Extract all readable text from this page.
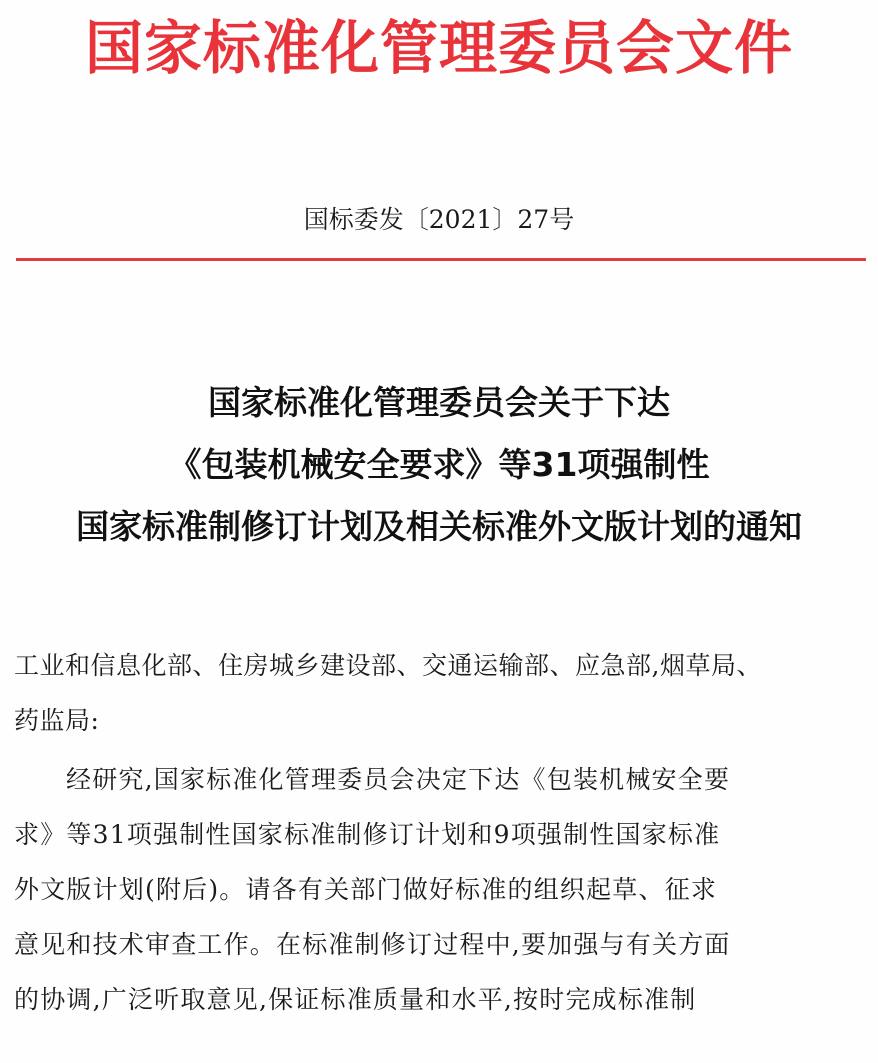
国家标准化管理委员会文件
国标委发〔2021〕27号
国家标准化管理委员会关于下达
《包装机械安全要求》等31项强制性
国家标准制修订计划及相关标准外文版计划的通知
工业和信息化部、住房城乡建设部、交通运输部、应急部,烟草局、
药监局:
经研究,国家标准化管理委员会决定下达《包装机械安全要
求》等31项强制性国家标准制修订计划和9项强制性国家标准
外文版计划(附后)。请各有关部门做好标准的组织起草、征求
意见和技术审查工作。在标准制修订过程中,要加强与有关方面
的协调,广泛听取意见,保证标准质量和水平,按时完成标准制
